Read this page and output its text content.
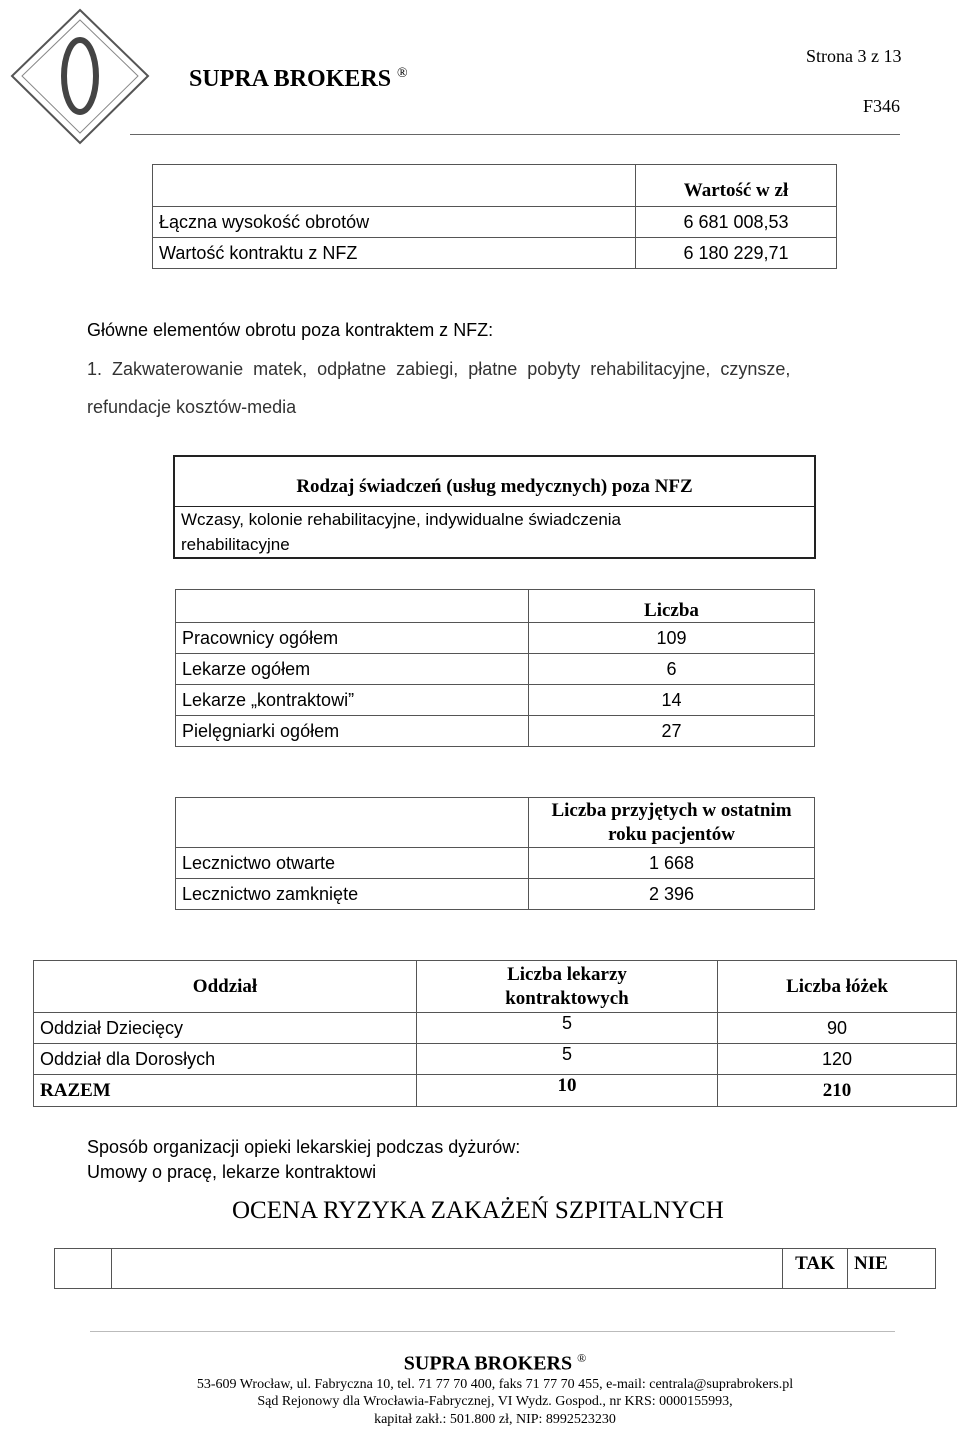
Strona 3 z 13
SUPRA BROKERS ®
F346
	Wartość w zł
Łączna wysokość obrotów	6 681 008,53
Wartość kontraktu z NFZ	6 180 229,71
Główne elementów obrotu poza kontraktem z NFZ:
1.  Zakwaterowanie  matek,  odpłatne  zabiegi,  płatne  pobyty  rehabilitacyjne,  czynsze,
refundacje kosztów-media
Rodzaj świadczeń (usług medycznych) poza NFZ
Wczasy, kolonie rehabilitacyjne, indywidualne świadczenia rehabilitacyjne
	Liczba
Pracownicy ogółem	109
Lekarze ogółem	6
Lekarze „kontraktowi”	14
Pielęgniarki ogółem	27
	Liczba przyjętych w ostatnim roku pacjentów
Lecznictwo otwarte	1 668
Lecznictwo zamknięte	2 396
Oddział	Liczba lekarzy kontraktowych	Liczba łóżek
Oddział Dziecięcy	5	90
Oddział dla Dorosłych	5	120
RAZEM	10	210
Sposób organizacji opieki lekarskiej podczas dyżurów:
Umowy o pracę, lekarze kontraktowi
OCENA RYZYKA ZAKAŻEŃ SZPITALNYCH
		TAK	NIE
SUPRA BROKERS ®
53-609 Wrocław, ul. Fabryczna 10, tel. 71 77 70 400, faks 71 77 70 455, e-mail: centrala@suprabrokers.pl
Sąd Rejonowy dla Wrocławia-Fabrycznej, VI Wydz. Gospod., nr KRS: 0000155993,
kapitał zakł.: 501.800 zł, NIP: 8992523230
